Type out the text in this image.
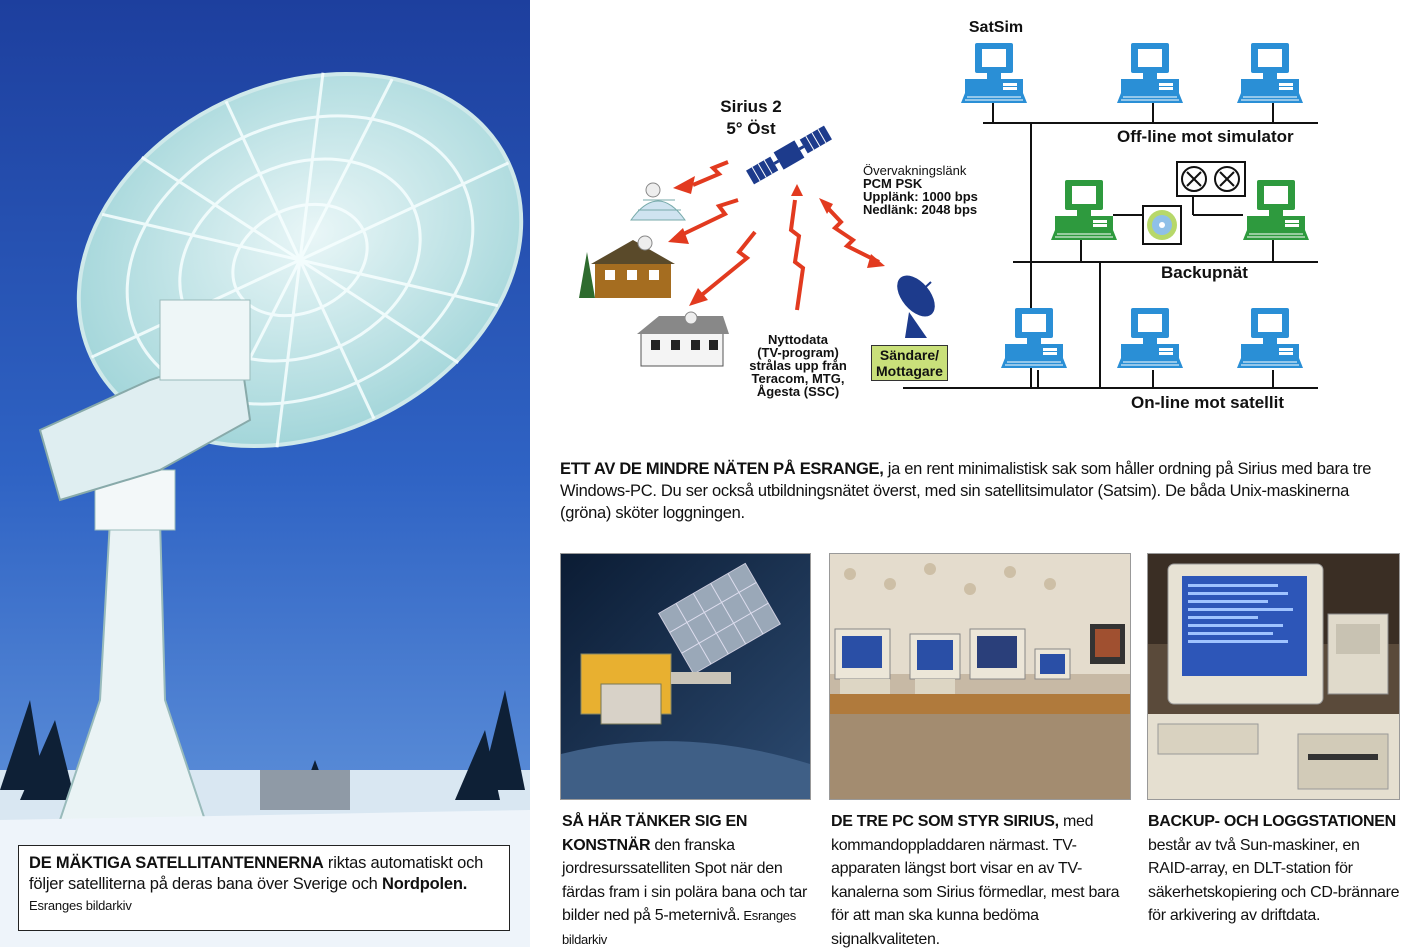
DE MÄKTIGA SATELLITANTENNERNA riktas automatiskt och följer satelliterna på deras bana över Sverige och Nordpolen. Esranges bildarkiv
Sirius 2
5° Öst
SatSim
Övervakningslänk
PCM PSK
Upplänk: 1000 bps
Nedlänk: 2048 bps
Nyttodata
(TV-program)
strålas upp från
Teracom, MTG,
Ågesta (SSC)
Sändare/
Mottagare
Off-line mot simulator
Backupnät
On-line mot satellit
ETT AV DE MINDRE NÄTEN PÅ ESRANGE, ja en rent minimalistisk sak som håller ordning på Sirius med bara tre Windows-PC. Du ser också utbildningsnätet överst, med sin satellitsimulator (Satsim). De båda Unix-maskinerna (gröna) sköter loggningen.
SÅ HÄR TÄNKER SIG EN KONSTNÄR den franska jordresurssatelliten Spot när den färdas fram i sin polära bana och tar bilder ned på 5-meternivå. Esranges bildarkiv
DE TRE PC SOM STYR SIRIUS, med kommandoppladdaren närmast. TV-apparaten längst bort visar en av TV-kanalerna som Sirius förmedlar, mest bara för att man ska kunna bedöma signalkvaliteten.
BACKUP- OCH LOGGSTATIONEN består av två Sun-maskiner, en RAID-array, en DLT-station för säkerhetskopiering och CD-brännare för arkivering av driftdata.
